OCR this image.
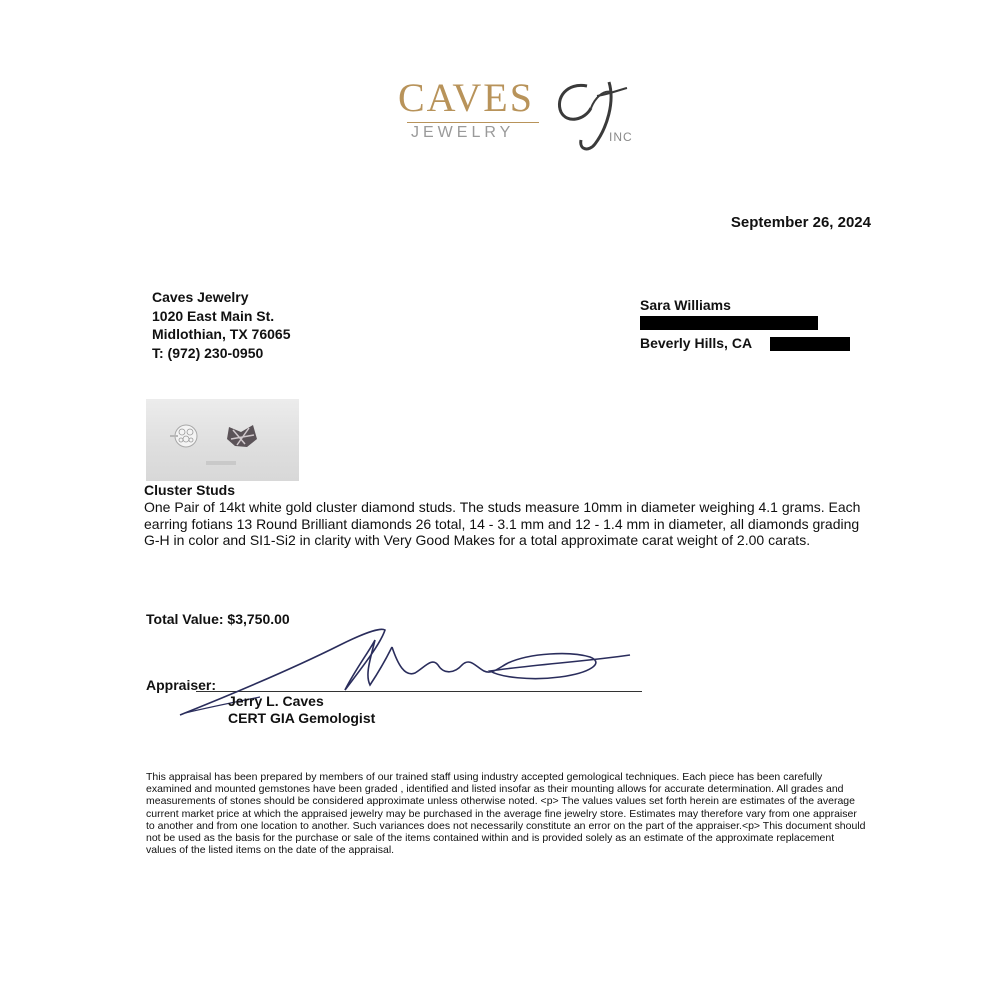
CAVES
JEWELRY	INC
September 26, 2024
Caves Jewelry
1020 East Main St.
Midlothian, TX 76065
T: (972) 230-0950
Sara Williams
Beverly Hills, CA
Cluster Studs
One Pair of 14kt white gold cluster diamond studs. The studs measure 10mm in diameter weighing 4.1 grams. Each earring fotians 13 Round Brilliant diamonds 26 total, 14 - 3.1 mm and 12 - 1.4 mm in diameter, all diamonds grading G-H in color and SI1-Si2 in clarity with Very Good Makes for a total approximate carat weight of 2.00 carats.
Total Value: $3,750.00
Appraiser:
Jerry L. Caves
CERT GIA Gemologist
This appraisal has been prepared by members of our trained staff using industry accepted gemological techniques. Each piece has been carefully examined and mounted gemstones have been graded , identified and listed insofar as their mounting allows for accurate determination. All grades and measurements of stones should be considered approximate unless otherwise noted. <p> The values values set forth herein are estimates of the average current market price at which the appraised jewelry may be purchased in the average fine jewelry store. Estimates may therefore vary from one appraiser to another and from one location to another. Such variances does not necessarily constitute an error on the part of the appraiser.<p> This document should not be used as the basis for the purchase or sale of the items contained within and is provided solely as an estimate of the approximate replacement values of the listed items on the date of the appraisal.
